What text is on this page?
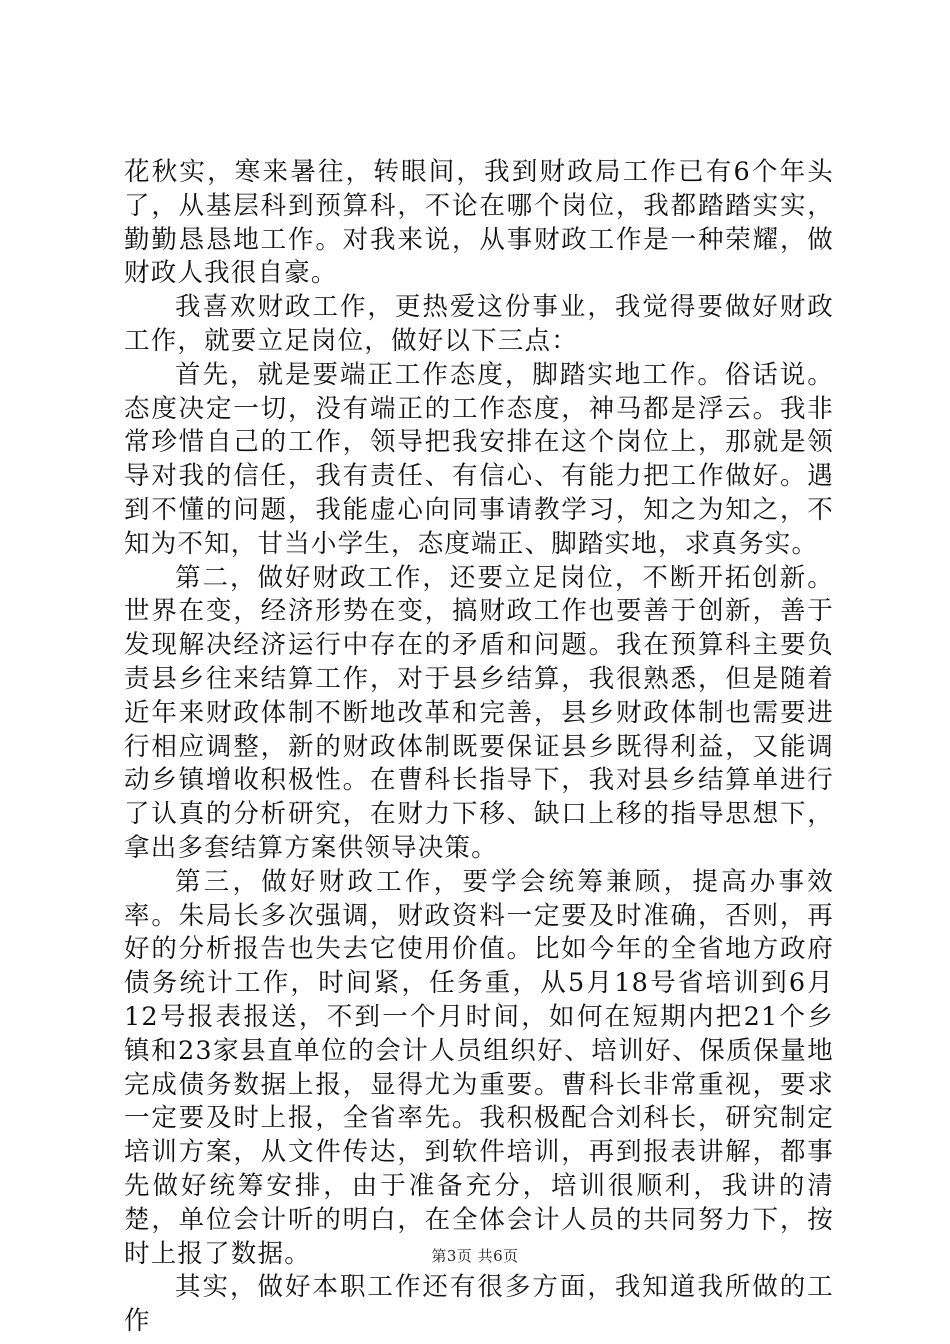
花秋实，寒来暑往，转眼间，我到财政局工作已有6个年头了，从基层科到预算科，不论在哪个岗位，我都踏踏实实，勤勤恳恳地工作。对我来说，从事财政工作是一种荣耀，做财政人我很自豪。

我喜欢财政工作，更热爱这份事业，我觉得要做好财政工作，就要立足岗位，做好以下三点：

首先，就是要端正工作态度，脚踏实地工作。俗话说。态度决定一切，没有端正的工作态度，神马都是浮云。我非常珍惜自己的工作，领导把我安排在这个岗位上，那就是领导对我的信任，我有责任、有信心、有能力把工作做好。遇到不懂的问题，我能虚心向同事请教学习，知之为知之，不知为不知，甘当小学生，态度端正、脚踏实地，求真务实。

第二，做好财政工作，还要立足岗位，不断开拓创新。世界在变，经济形势在变，搞财政工作也要善于创新，善于发现解决经济运行中存在的矛盾和问题。我在预算科主要负责县乡往来结算工作，对于县乡结算，我很熟悉，但是随着近年来财政体制不断地改革和完善，县乡财政体制也需要进行相应调整，新的财政体制既要保证县乡既得利益，又能调动乡镇增收积极性。在曹科长指导下，我对县乡结算单进行了认真的分析研究，在财力下移、缺口上移的指导思想下，拿出多套结算方案供领导决策。

第三，做好财政工作，要学会统筹兼顾，提高办事效率。朱局长多次强调，财政资料一定要及时准确，否则，再好的分析报告也失去它使用价值。比如今年的全省地方政府债务统计工作，时间紧，任务重，从5月18号省培训到6月12号报表报送，不到一个月时间，如何在短期内把21个乡镇和23家县直单位的会计人员组织好、培训好、保质保量地完成债务数据上报，显得尤为重要。曹科长非常重视，要求一定要及时上报，全省率先。我积极配合刘科长，研究制定培训方案，从文件传达，到软件培训，再到报表讲解，都事先做好统筹安排，由于准备充分，培训很顺利，我讲的清楚，单位会计听的明白，在全体会计人员的共同努力下，按时上报了数据。

其实，做好本职工作还有很多方面，我知道我所做的工作

第3页 共6页
